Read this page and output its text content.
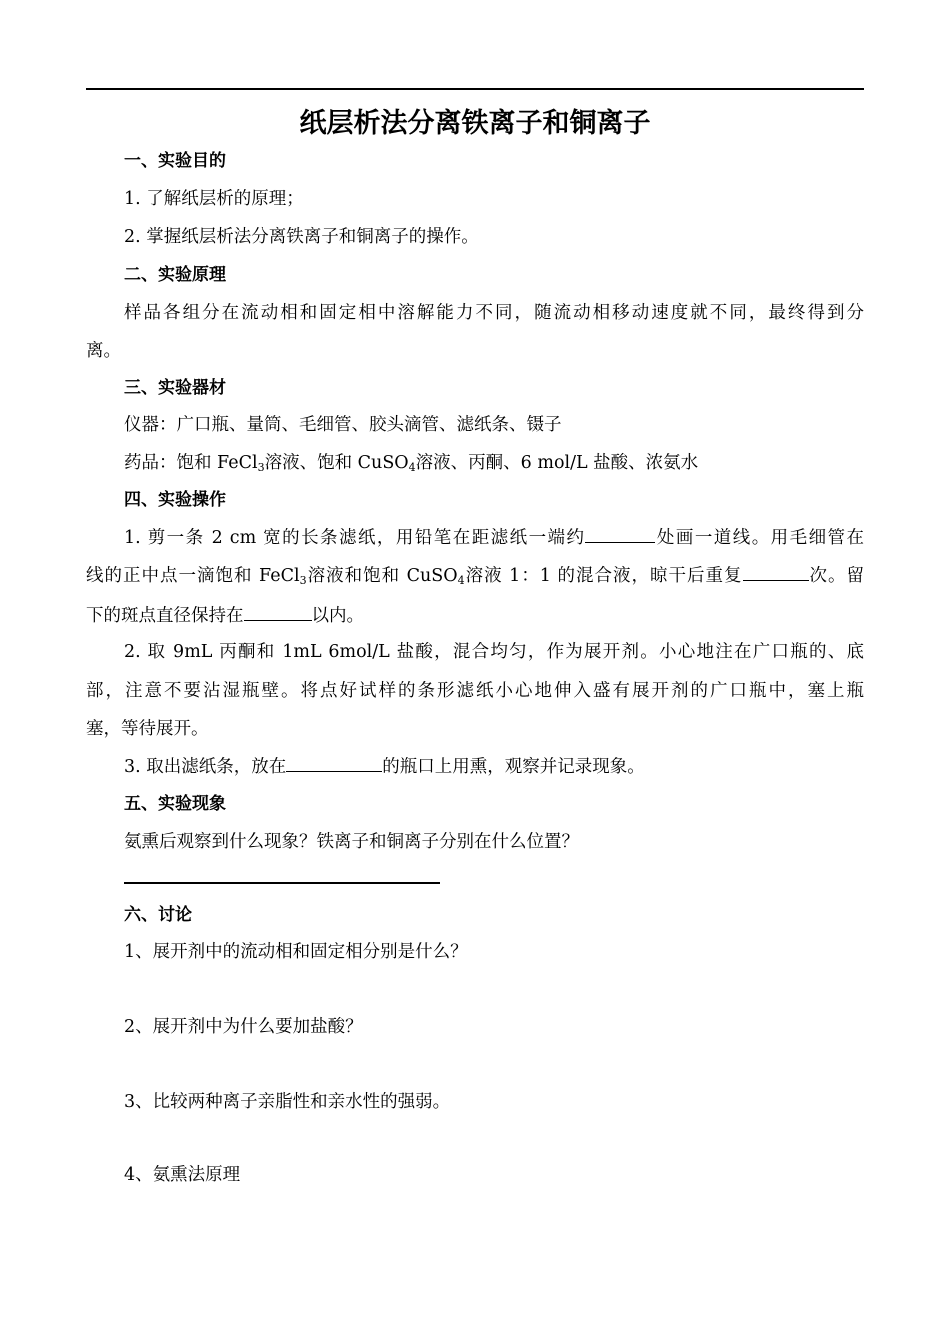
纸层析法分离铁离子和铜离子
一、实验目的
1. 了解纸层析的原理；
2. 掌握纸层析法分离铁离子和铜离子的操作。
二、实验原理
样品各组分在流动相和固定相中溶解能力不同，随流动相移动速度就不同，最终得到分
离。
三、实验器材
仪器：广口瓶、量筒、毛细管、胶头滴管、滤纸条、镊子
药品：饱和 FeCl$_3$溶液、饱和 CuSO$_4$溶液、丙酮、6 mol/L 盐酸、浓氨水
四、实验操作
1. 剪一条 2 cm 宽的长条滤纸，用铅笔在距滤纸一端约	处画一道线。用毛细管在
线的正中点一滴饱和 FeCl$_3$溶液和饱和 CuSO$_4$溶液 1：1 的混合液，晾干后重复	次。留
下的斑点直径保持在	以内。
2. 取 9mL 丙酮和 1mL 6mol/L 盐酸，混合均匀，作为展开剂。小心地注在广口瓶的、底
部，注意不要沾湿瓶壁。将点好试样的条形滤纸小心地伸入盛有展开剂的广口瓶中，塞上瓶
塞，等待展开。
3. 取出滤纸条，放在	的瓶口上用熏，观察并记录现象。
五、实验现象
氨熏后观察到什么现象？铁离子和铜离子分别在什么位置？
六、讨论
1、展开剂中的流动相和固定相分别是什么？
2、展开剂中为什么要加盐酸？
3、比较两种离子亲脂性和亲水性的强弱。
4、氨熏法原理
